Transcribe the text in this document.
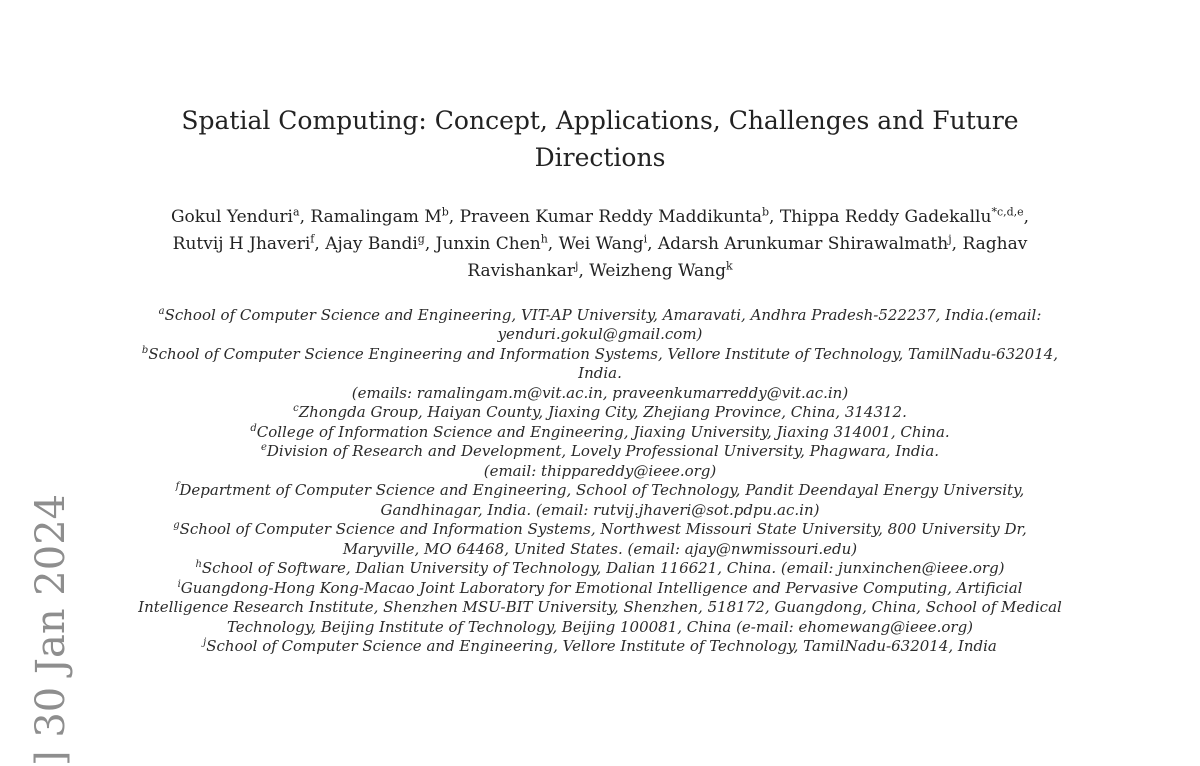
] 30 Jan 2024
Spatial Computing: Concept, Applications, Challenges and Future Directions
Gokul Yenduri$^a$, Ramalingam $M^b$, Praveen Kumar Reddy Maddikunta$^b$, Thippa Reddy Gadekallu$^{*c,d,e}$, Rutvij H Jhaveri$^f$, Ajay Bandi$^g$, Junxin Chen$^h$, Wei Wang$^i$, Adarsh Arunkumar Shirawalmath$^j$, Raghav Ravishankar$^j$, Weizheng Wang$^k$
$^a$School of Computer Science and Engineering, VIT-AP University, Amaravati, Andhra Pradesh-522237, India.(email: yenduri.gokul@gmail.com)
$^b$School of Computer Science Engineering and Information Systems, Vellore Institute of Technology, TamilNadu-632014, India.
(emails: ramalingam.m@vit.ac.in, praveenkumarreddy@vit.ac.in)
$^c$Zhongda Group, Haiyan County, Jiaxing City, Zhejiang Province, China, 314312.
$^d$College of Information Science and Engineering, Jiaxing University, Jiaxing 314001, China.
$^e$Division of Research and Development, Lovely Professional University, Phagwara, India.
(email: thippareddy@ieee.org)
$^f$Department of Computer Science and Engineering, School of Technology, Pandit Deendayal Energy University, Gandhinagar, India. (email: rutvij.jhaveri@sot.pdpu.ac.in)
$^g$School of Computer Science and Information Systems, Northwest Missouri State University, 800 University Dr, Maryville, MO 64468, United States. (email: ajay@nwmissouri.edu)
$^h$School of Software, Dalian University of Technology, Dalian 116621, China. (email: junxinchen@ieee.org)
$^i$Guangdong-Hong Kong-Macao Joint Laboratory for Emotional Intelligence and Pervasive Computing, Artificial Intelligence Research Institute, Shenzhen MSU-BIT University, Shenzhen, 518172, Guangdong, China, School of Medical Technology, Beijing Institute of Technology, Beijing 100081, China (e-mail: ehomewang@ieee.org)
$^j$School of Computer Science and Engineering, Vellore Institute of Technology, TamilNadu-632014, India
